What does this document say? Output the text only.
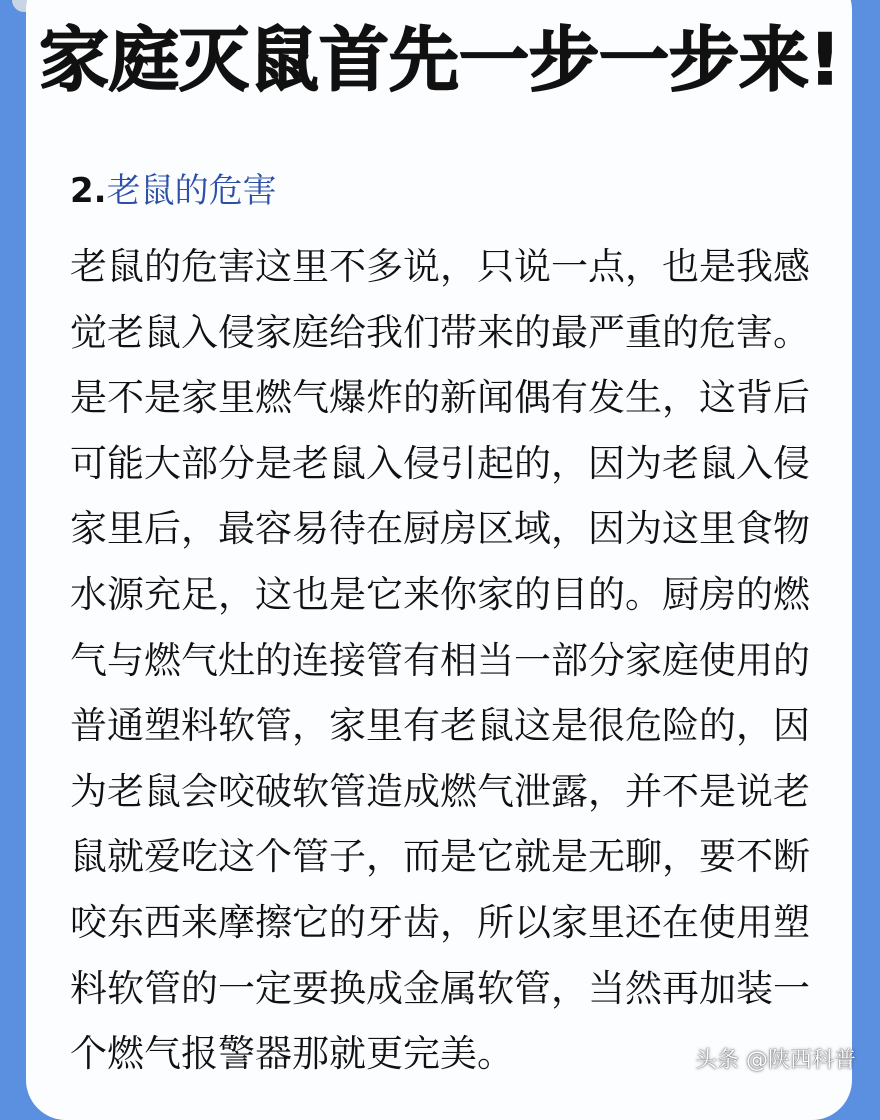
家庭灭鼠首先一步一步来!
2.老鼠的危害
老鼠的危害这里不多说，只说一点，也是我感
觉老鼠入侵家庭给我们带来的最严重的危害。
是不是家里燃气爆炸的新闻偶有发生，这背后
可能大部分是老鼠入侵引起的，因为老鼠入侵
家里后，最容易待在厨房区域，因为这里食物
水源充足，这也是它来你家的目的。厨房的燃
气与燃气灶的连接管有相当一部分家庭使用的
普通塑料软管，家里有老鼠这是很危险的，因
为老鼠会咬破软管造成燃气泄露，并不是说老
鼠就爱吃这个管子，而是它就是无聊，要不断
咬东西来摩擦它的牙齿，所以家里还在使用塑
料软管的一定要换成金属软管，当然再加装一
个燃气报警器那就更完美。	头条 @陕西科普
